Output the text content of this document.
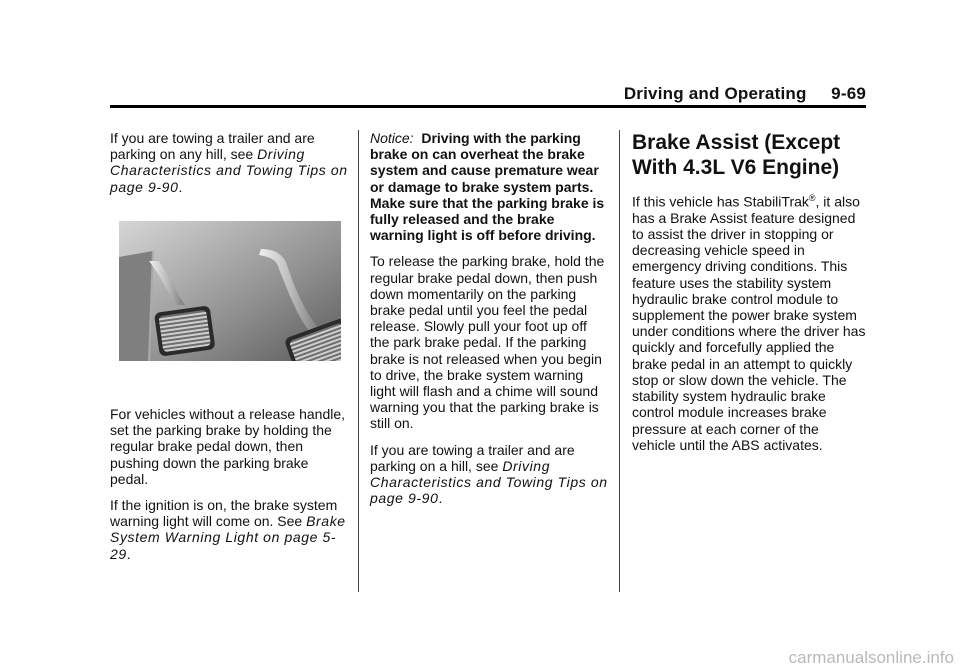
Driving and Operating 9-69

If you are towing a trailer and are parking on any hill, see Driving Characteristics and Towing Tips on page 9-90.

For vehicles without a release handle, set the parking brake by holding the regular brake pedal down, then pushing down the parking brake pedal.

If the ignition is on, the brake system warning light will come on. See Brake System Warning Light on page 5-29.

Notice: Driving with the parking brake on can overheat the brake system and cause premature wear or damage to brake system parts. Make sure that the parking brake is fully released and the brake warning light is off before driving.

To release the parking brake, hold the regular brake pedal down, then push down momentarily on the parking brake pedal until you feel the pedal release. Slowly pull your foot up off the park brake pedal. If the parking brake is not released when you begin to drive, the brake system warning light will flash and a chime will sound warning you that the parking brake is still on.

If you are towing a trailer and are parking on a hill, see Driving Characteristics and Towing Tips on page 9-90.

Brake Assist (Except With 4.3L V6 Engine)

If this vehicle has StabiliTrak®, it also has a Brake Assist feature designed to assist the driver in stopping or decreasing vehicle speed in emergency driving conditions. This feature uses the stability system hydraulic brake control module to supplement the power brake system under conditions where the driver has quickly and forcefully applied the brake pedal in an attempt to quickly stop or slow down the vehicle. The stability system hydraulic brake control module increases brake pressure at each corner of the vehicle until the ABS activates.

carmanualsonline.info
